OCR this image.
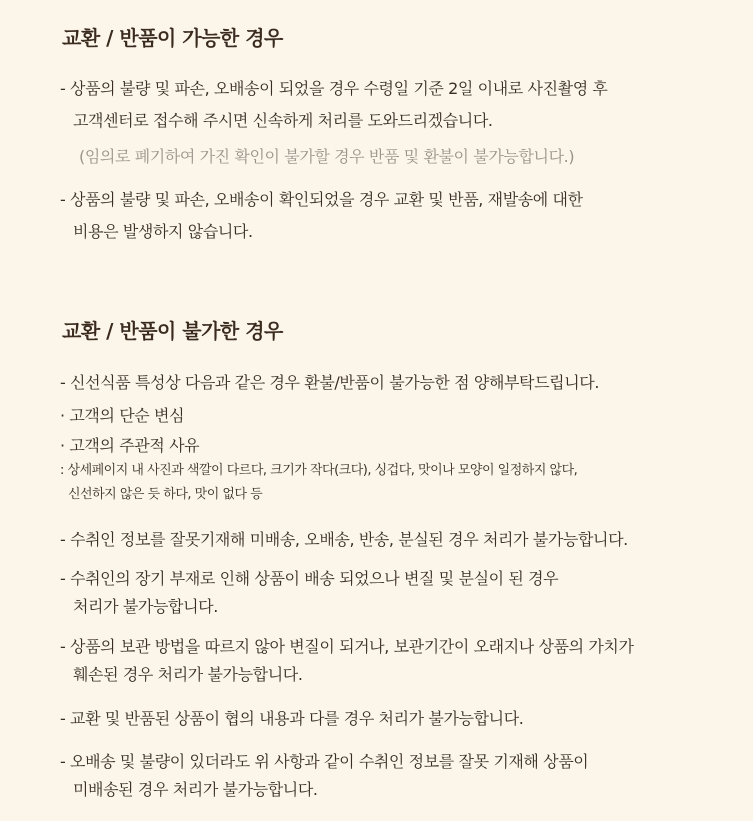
교환 / 반품이 가능한 경우

- 상품의 불량 및 파손, 오배송이 되었을 경우 수령일 기준 2일 이내로 사진촬영 후

고객센터로 접수해 주시면 신속하게 처리를 도와드리겠습니다.

(임의로 폐기하여 가진 확인이 불가할 경우 반품 및 환불이 불가능합니다.)

- 상품의 불량 및 파손, 오배송이 확인되었을 경우 교환 및 반품, 재발송에 대한

비용은 발생하지 않습니다.

교환 / 반품이 불가한 경우

- 신선식품 특성상 다음과 같은 경우 환불/반품이 불가능한 점 양해부탁드립니다.

· 고객의 단순 변심

· 고객의 주관적 사유

: 상세페이지 내 사진과 색깔이 다르다, 크기가 작다(크다), 싱겁다, 맛이나 모양이 일정하지 않다,

신선하지 않은 듯 하다, 맛이 없다 등

- 수취인 정보를 잘못기재해 미배송, 오배송, 반송, 분실된 경우 처리가 불가능합니다.

- 수취인의 장기 부재로 인해 상품이 배송 되었으나 변질 및 분실이 된 경우

처리가 불가능합니다.

- 상품의 보관 방법을 따르지 않아 변질이 되거나, 보관기간이 오래지나 상품의 가치가

훼손된 경우 처리가 불가능합니다.

- 교환 및 반품된 상품이 협의 내용과 다를 경우 처리가 불가능합니다.

- 오배송 및 불량이 있더라도 위 사항과 같이 수취인 정보를 잘못 기재해 상품이

미배송된 경우 처리가 불가능합니다.
